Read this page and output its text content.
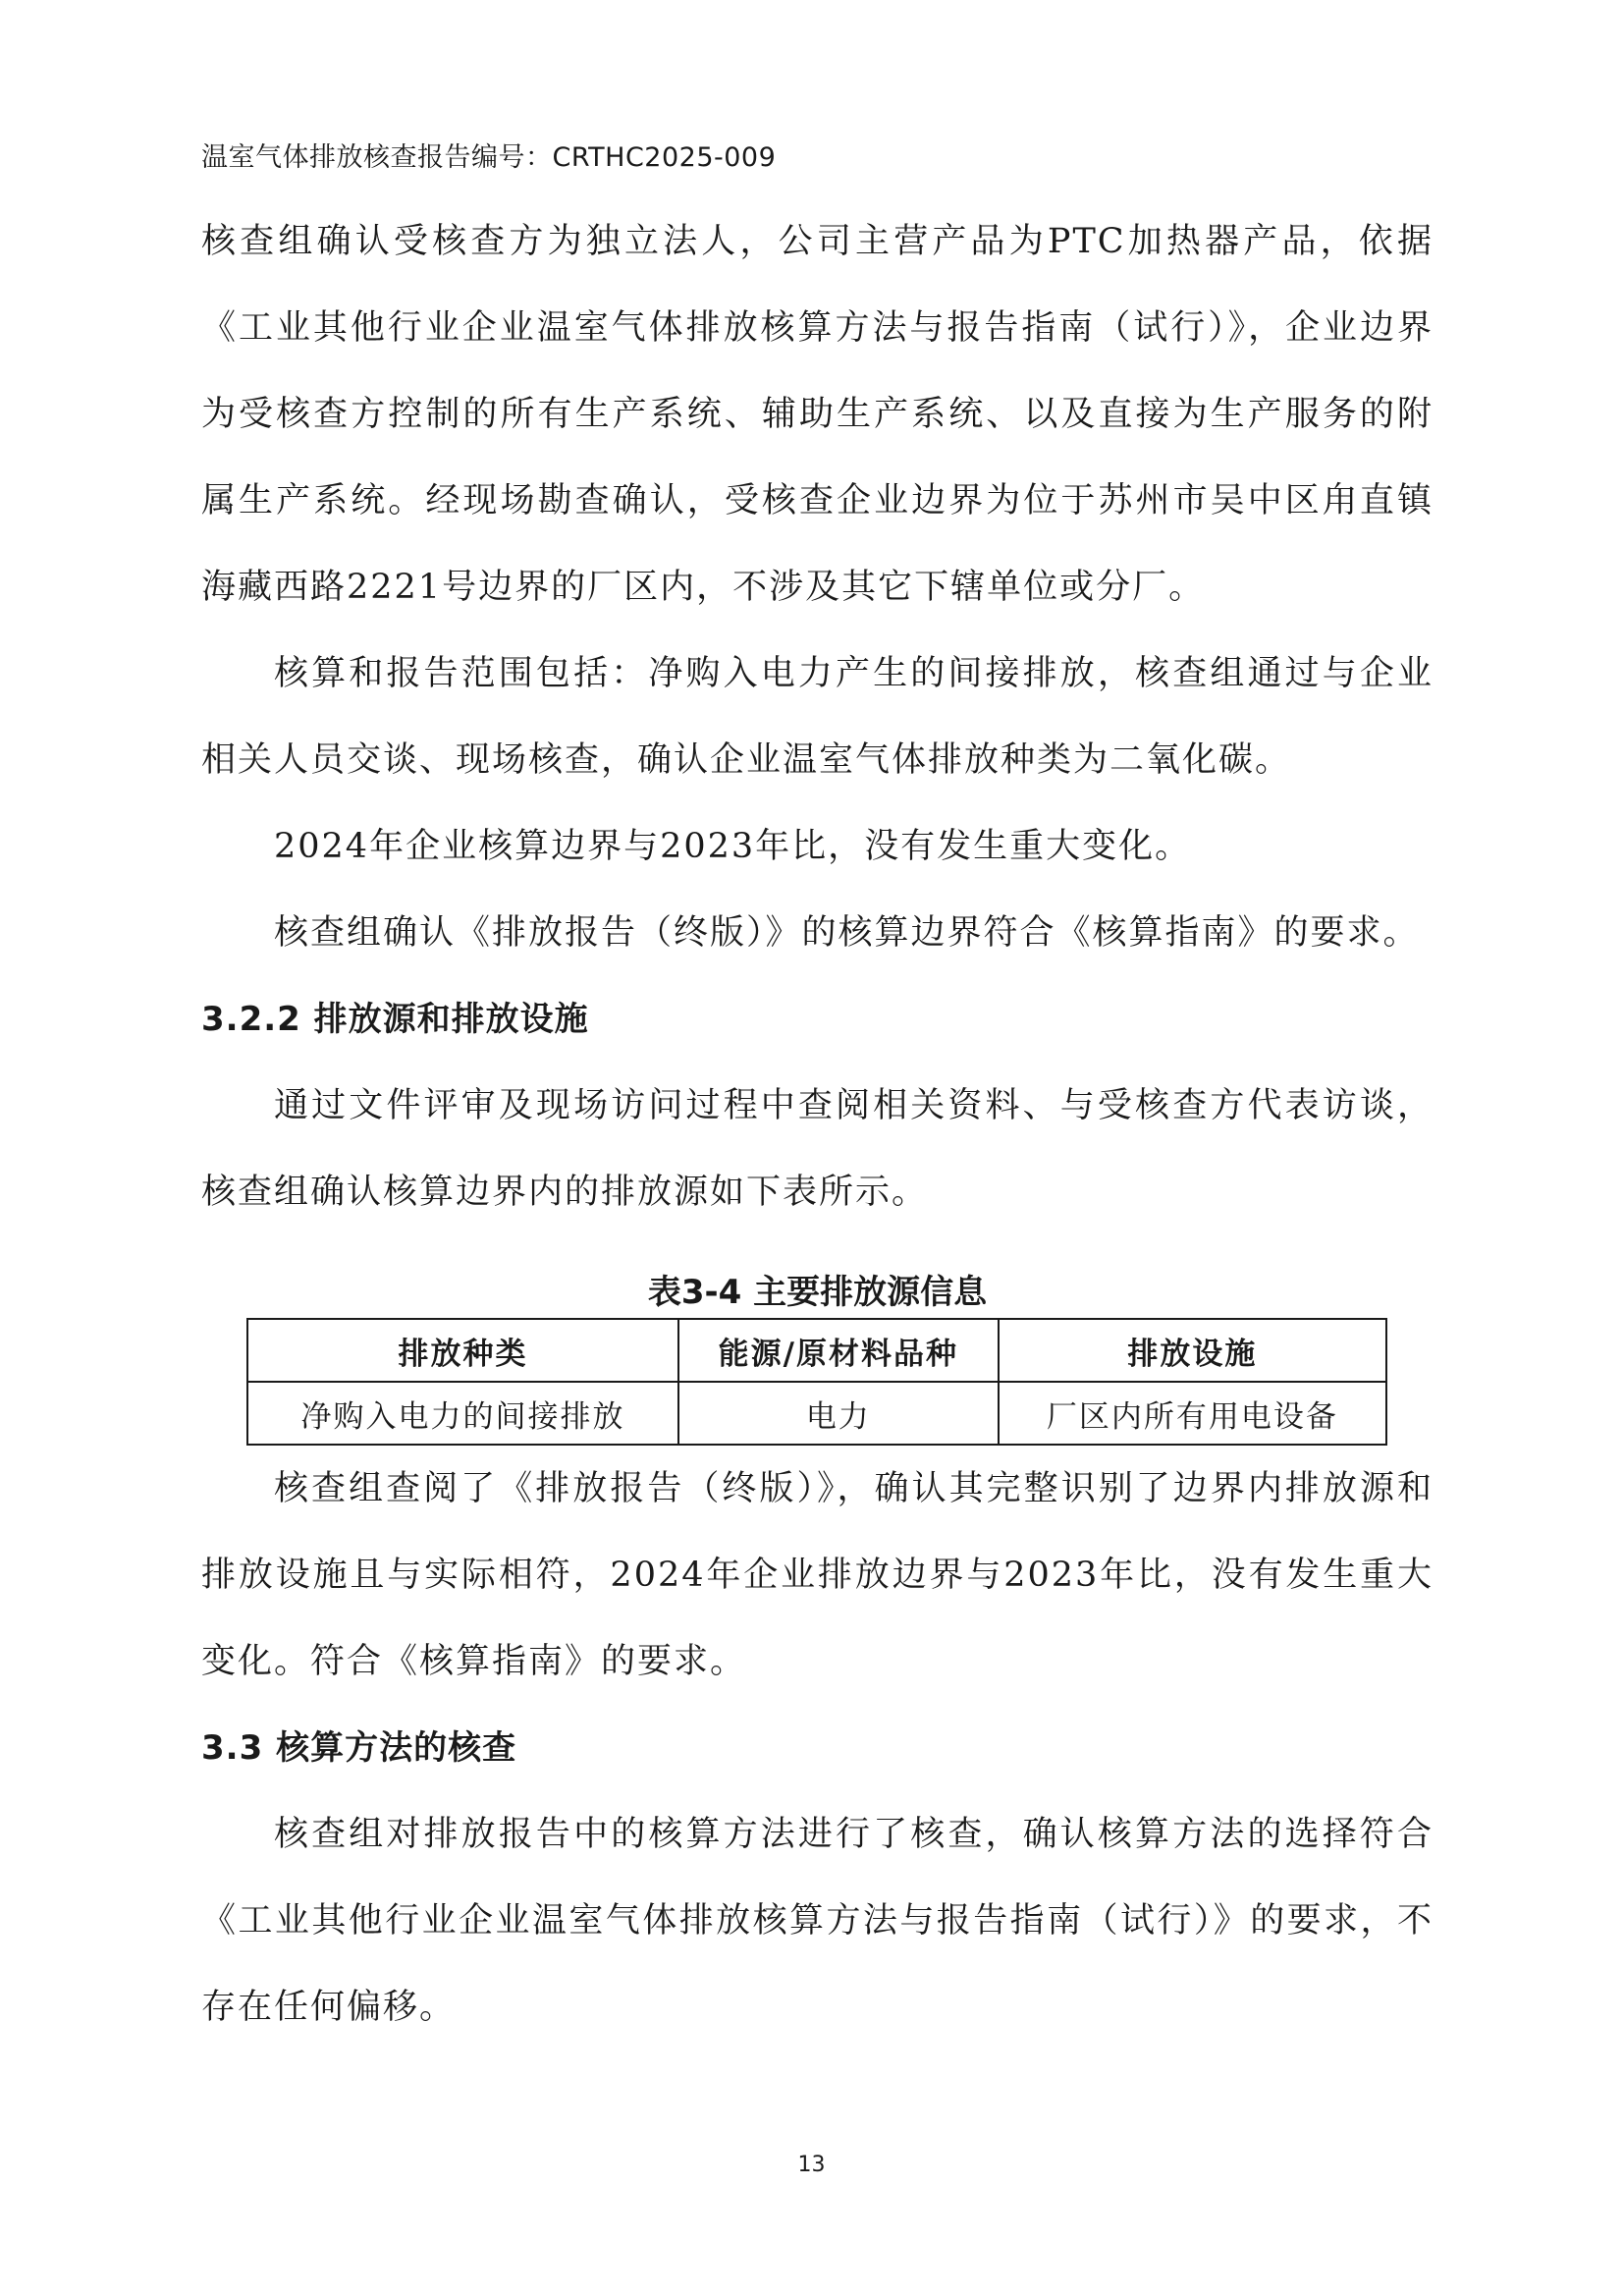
温室气体排放核查报告编号：CRTHC2025-009

核查组确认受核查方为独立法人，公司主营产品为PTC加热器产品，依据《工业其他行业企业温室气体排放核算方法与报告指南（试行）》，企业边界为受核查方控制的所有生产系统、辅助生产系统、以及直接为生产服务的附属生产系统。经现场勘查确认，受核查企业边界为位于苏州市吴中区甪直镇海藏西路2221号边界的厂区内，不涉及其它下辖单位或分厂。

核算和报告范围包括：净购入电力产生的间接排放，核查组通过与企业相关人员交谈、现场核查，确认企业温室气体排放种类为二氧化碳。

2024年企业核算边界与2023年比，没有发生重大变化。

核查组确认《排放报告（终版）》的核算边界符合《核算指南》的要求。

3.2.2 排放源和排放设施

通过文件评审及现场访问过程中查阅相关资料、与受核查方代表访谈，核查组确认核算边界内的排放源如下表所示。

表3-4 主要排放源信息
排放种类	能源/原材料品种	排放设施
净购入电力的间接排放	电力	厂区内所有用电设备

核查组查阅了《排放报告（终版）》，确认其完整识别了边界内排放源和排放设施且与实际相符，2024年企业排放边界与2023年比，没有发生重大变化。符合《核算指南》的要求。

3.3 核算方法的核查

核查组对排放报告中的核算方法进行了核查，确认核算方法的选择符合《工业其他行业企业温室气体排放核算方法与报告指南（试行）》的要求，不存在任何偏移。

13
